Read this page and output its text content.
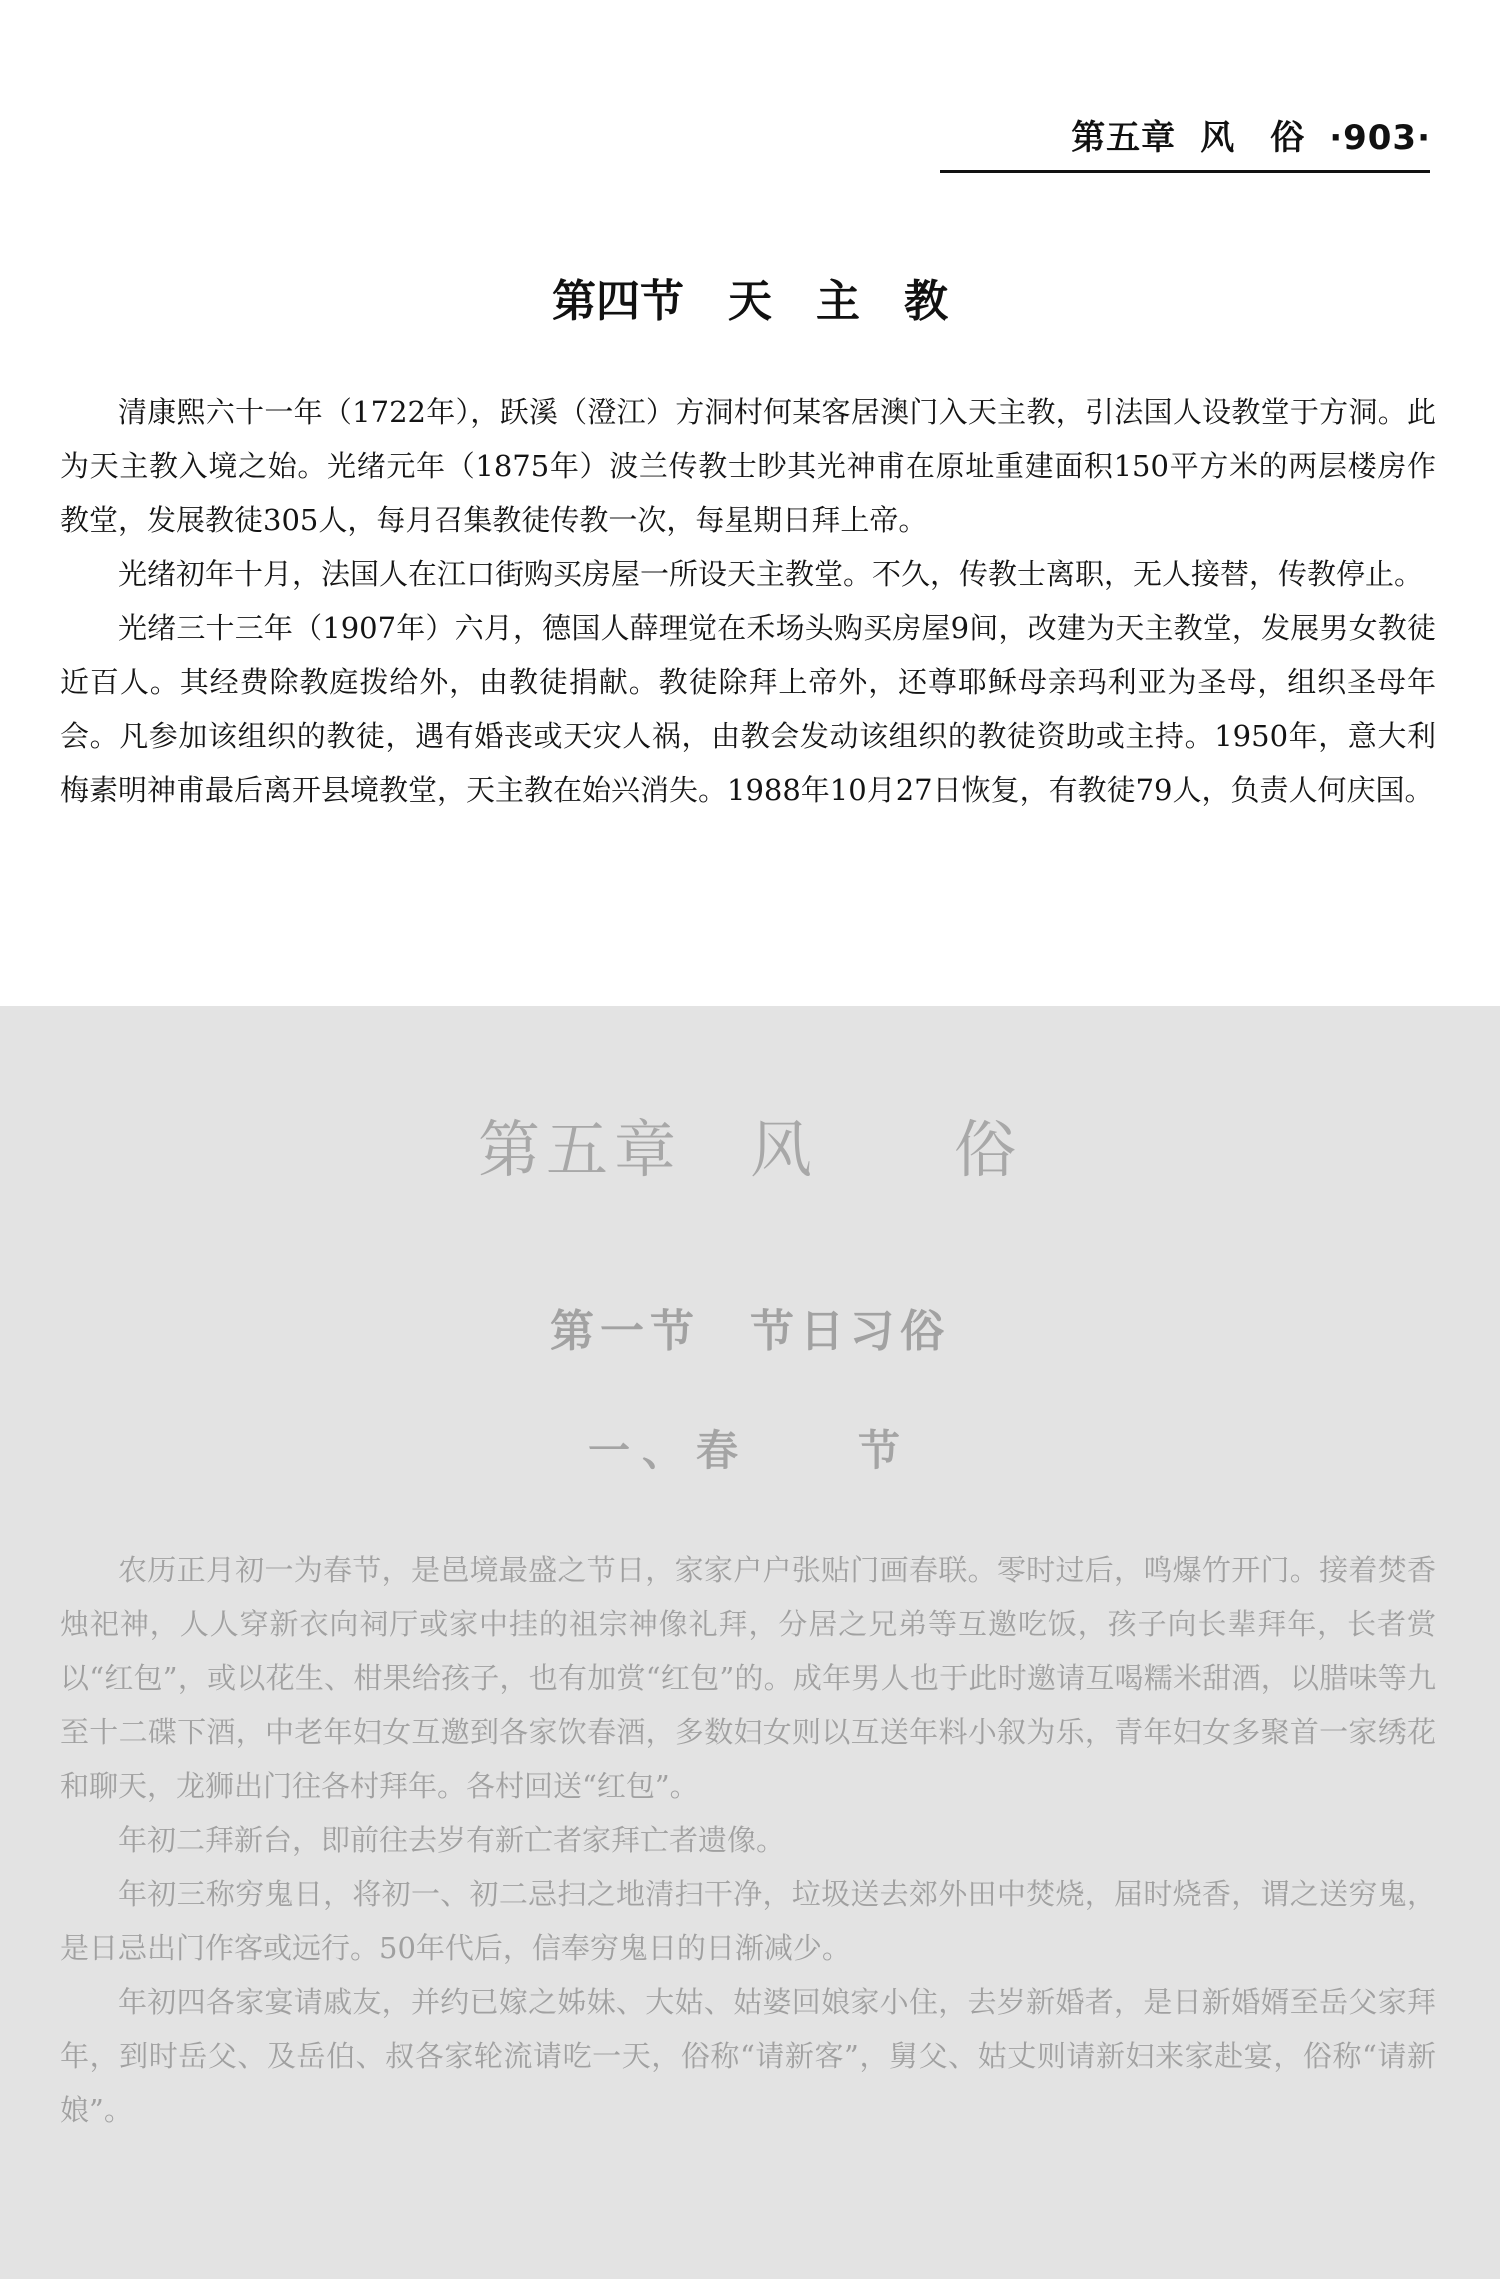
第五章 风　俗 ·903·
第四节　天　主　教

清康熙六十一年（1722年），跃溪（澄江）方洞村何某客居澳门入天主教，引法国人设教堂于方洞。此为天主教入境之始。光绪元年（1875年）波兰传教士眇其光神甫在原址重建面积150平方米的两层楼房作教堂，发展教徒305人，每月召集教徒传教一次，每星期日拜上帝。

光绪初年十月，法国人在江口街购买房屋一所设天主教堂。不久，传教士离职，无人接替，传教停止。

光绪三十三年（1907年）六月，德国人薛理觉在禾场头购买房屋9间，改建为天主教堂，发展男女教徒近百人。其经费除教庭拨给外，由教徒捐献。教徒除拜上帝外，还尊耶稣母亲玛利亚为圣母，组织圣母年会。凡参加该组织的教徒，遇有婚丧或天灾人祸，由教会发动该组织的教徒资助或主持。1950年，意大利梅素明神甫最后离开县境教堂，天主教在始兴消失。1988年10月27日恢复，有教徒79人，负责人何庆国。

第五章　风　　俗
第一节　节日习俗
一、春　　节

农历正月初一为春节，是邑境最盛之节日，家家户户张贴门画春联。零时过后，鸣爆竹开门。接着焚香烛祀神，人人穿新衣向祠厅或家中挂的祖宗神像礼拜，分居之兄弟等互邀吃饭，孩子向长辈拜年，长者赏以“红包”，或以花生、柑果给孩子，也有加赏“红包”的。成年男人也于此时邀请互喝糯米甜酒，以腊味等九至十二碟下酒，中老年妇女互邀到各家饮春酒，多数妇女则以互送年料小叙为乐，青年妇女多聚首一家绣花和聊天，龙狮出门往各村拜年。各村回送“红包”。

年初二拜新台，即前往去岁有新亡者家拜亡者遗像。

年初三称穷鬼日，将初一、初二忌扫之地清扫干净，垃圾送去郊外田中焚烧，届时烧香，谓之送穷鬼，是日忌出门作客或远行。50年代后，信奉穷鬼日的日渐减少。

年初四各家宴请戚友，并约已嫁之姊妹、大姑、姑婆回娘家小住，去岁新婚者，是日新婚婿至岳父家拜年，到时岳父、及岳伯、叔各家轮流请吃一天，俗称“请新客”，舅父、姑丈则请新妇来家赴宴，俗称“请新娘”。
